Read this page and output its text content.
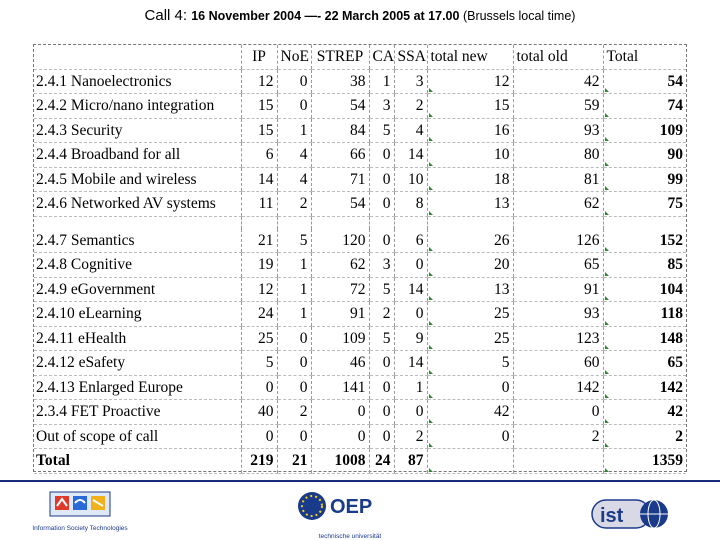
Call 4: 16 November 2004 —- 22 March 2005 at 17.00 (Brussels local time)
	IP	NoE	STREP	CA	SSA	total new	total old	Total
2.4.1 Nanoelectronics	12	0	38	1	3	12	42	54
2.4.2 Micro/nano integration	15	0	54	3	2	15	59	74
2.4.3 Security	15	1	84	5	4	16	93	109
2.4.4 Broadband for all	6	4	66	0	14	10	80	90
2.4.5 Mobile and wireless	14	4	71	0	10	18	81	99
2.4.6 Networked AV systems	11	2	54	0	8	13	62	75

2.4.7 Semantics	21	5	120	0	6	26	126	152
2.4.8 Cognitive	19	1	62	3	0	20	65	85
2.4.9 eGovernment	12	1	72	5	14	13	91	104
2.4.10 eLearning	24	1	91	2	0	25	93	118
2.4.11 eHealth	25	0	109	5	9	25	123	148
2.4.12 eSafety	5	0	46	0	14	5	60	65
2.4.13 Enlarged Europe	0	0	141	0	1	0	142	142
2.3.4 FET Proactive	40	2	0	0	0	42	0	42
Out of scope of call	0	0	0	0	2	0	2	2
Total	219	21	1008	24	87			1359
Information Society Technologies
OEP
technische universität
ist
